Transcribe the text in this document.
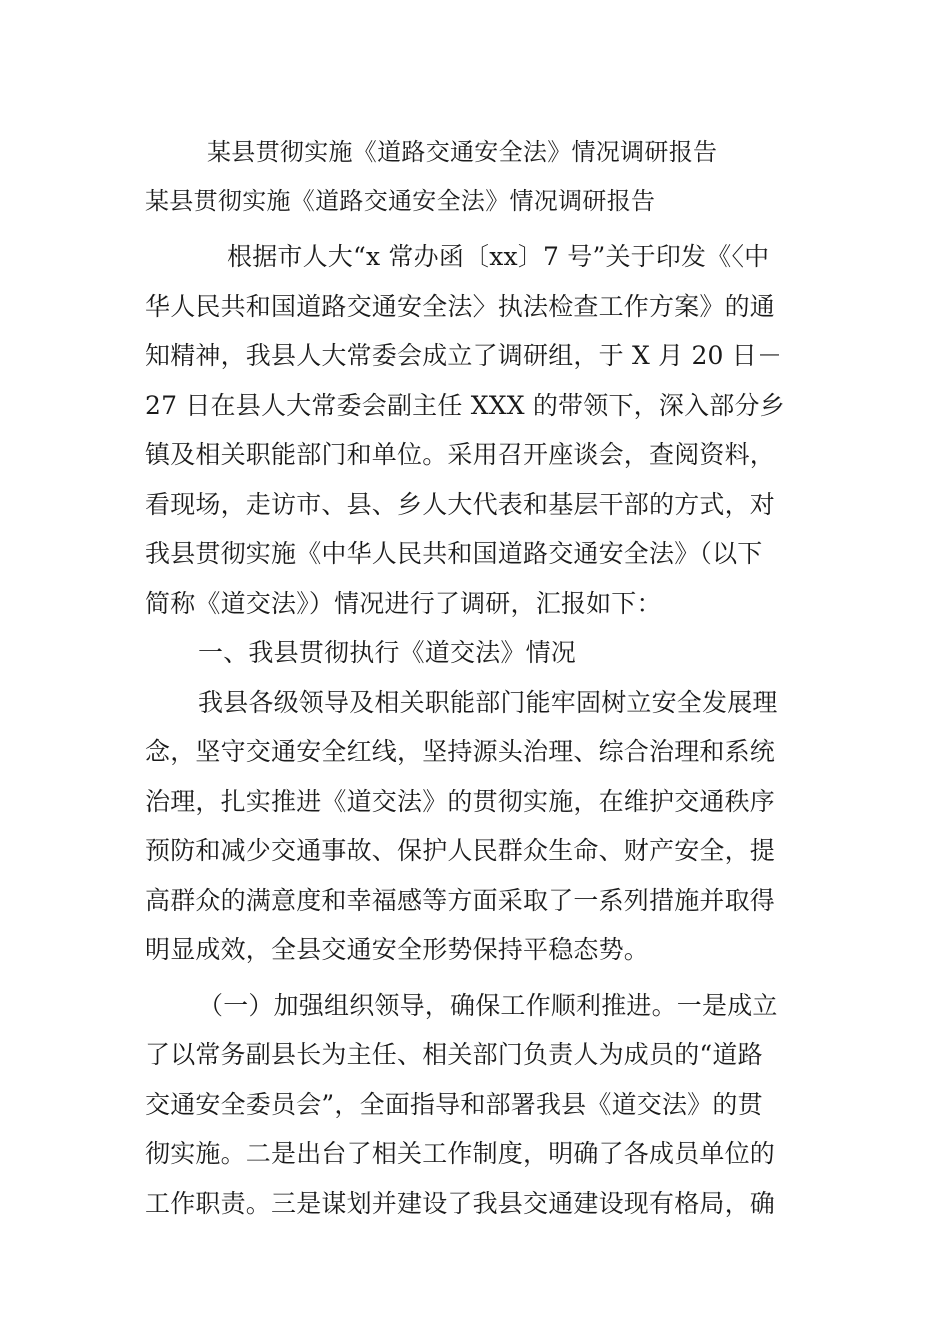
某县贯彻实施《道路交通安全法》情况调研报告
某县贯彻实施《道路交通安全法》情况调研报告
根据市人大“x 常办函〔xx〕7 号”关于印发《〈中
华人民共和国道路交通安全法〉执法检查工作方案》的通
知精神，我县人大常委会成立了调研组，于 X 月 20 日－
27 日在县人大常委会副主任 XXX 的带领下，深入部分乡
镇及相关职能部门和单位。采用召开座谈会，查阅资料，
看现场，走访市、县、乡人大代表和基层干部的方式，对
我县贯彻实施《中华人民共和国道路交通安全法》（以下
简称《道交法》）情况进行了调研，汇报如下：
一、我县贯彻执行《道交法》情况
我县各级领导及相关职能部门能牢固树立安全发展理
念，坚守交通安全红线，坚持源头治理、综合治理和系统
治理，扎实推进《道交法》的贯彻实施，在维护交通秩序
预防和减少交通事故、保护人民群众生命、财产安全，提
高群众的满意度和幸福感等方面采取了一系列措施并取得
明显成效，全县交通安全形势保持平稳态势。
（一）加强组织领导，确保工作顺利推进。一是成立
了以常务副县长为主任、相关部门负责人为成员的“道路
交通安全委员会”，全面指导和部署我县《道交法》的贯
彻实施。二是出台了相关工作制度，明确了各成员单位的
工作职责。三是谋划并建设了我县交通建设现有格局，确
